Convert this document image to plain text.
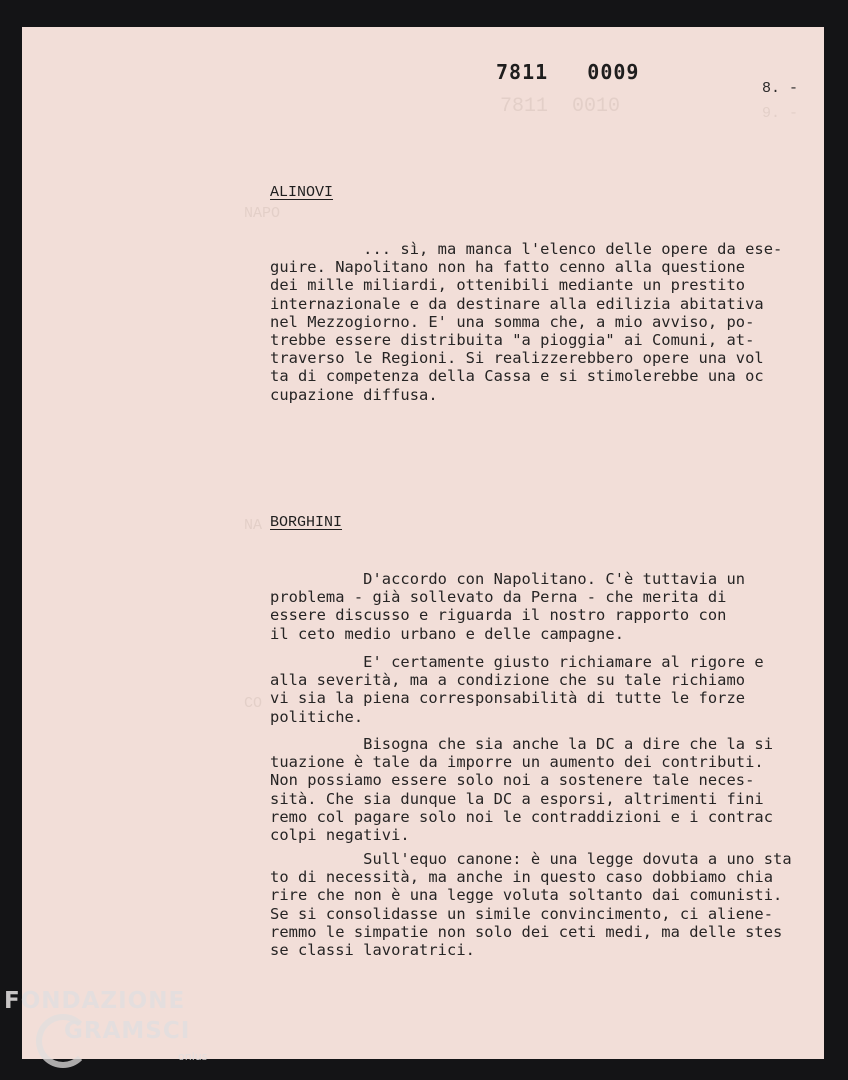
7811  0010	9. -
NAPO
NA
CO
7811   0009
8. -
ALINOVI
... sì, ma manca l'elenco delle opere da ese-
guire. Napolitano non ha fatto cenno alla questione
dei mille miliardi, ottenibili mediante un prestito
internazionale e da destinare alla edilizia abitativa
nel Mezzogiorno. E' una somma che, a mio avviso, po-
trebbe essere distribuita "a pioggia" ai Comuni, at-
traverso le Regioni. Si realizzerebbero opere una vol
ta di competenza della Cassa e si stimolerebbe una oc
cupazione diffusa.
BORGHINI
D'accordo con Napolitano. C'è tuttavia un
problema - già sollevato da Perna - che merita di
essere discusso e riguarda il nostro rapporto con
il ceto medio urbano e delle campagne.
E' certamente giusto richiamare al rigore e
alla severità, ma a condizione che su tale richiamo
vi sia la piena corresponsabilità di tutte le forze
politiche.
Bisogna che sia anche la DC a dire che la si
tuazione è tale da imporre un aumento dei contributi.
Non possiamo essere solo noi a sostenere tale neces-
sità. Che sia dunque la DC a esporsi, altrimenti fini
remo col pagare solo noi le contraddizioni e i contrac
colpi negativi.
Sull'equo canone: è una legge dovuta a uno sta
to di necessità, ma anche in questo caso dobbiamo chia
rire che non è una legge voluta soltanto dai comunisti.
Se si consolidasse un simile convincimento, ci aliene-
remmo le simpatie non solo dei ceti medi, ma delle stes
se classi lavoratrici.
FONDAZIONE
GRAMSCI
onlus
